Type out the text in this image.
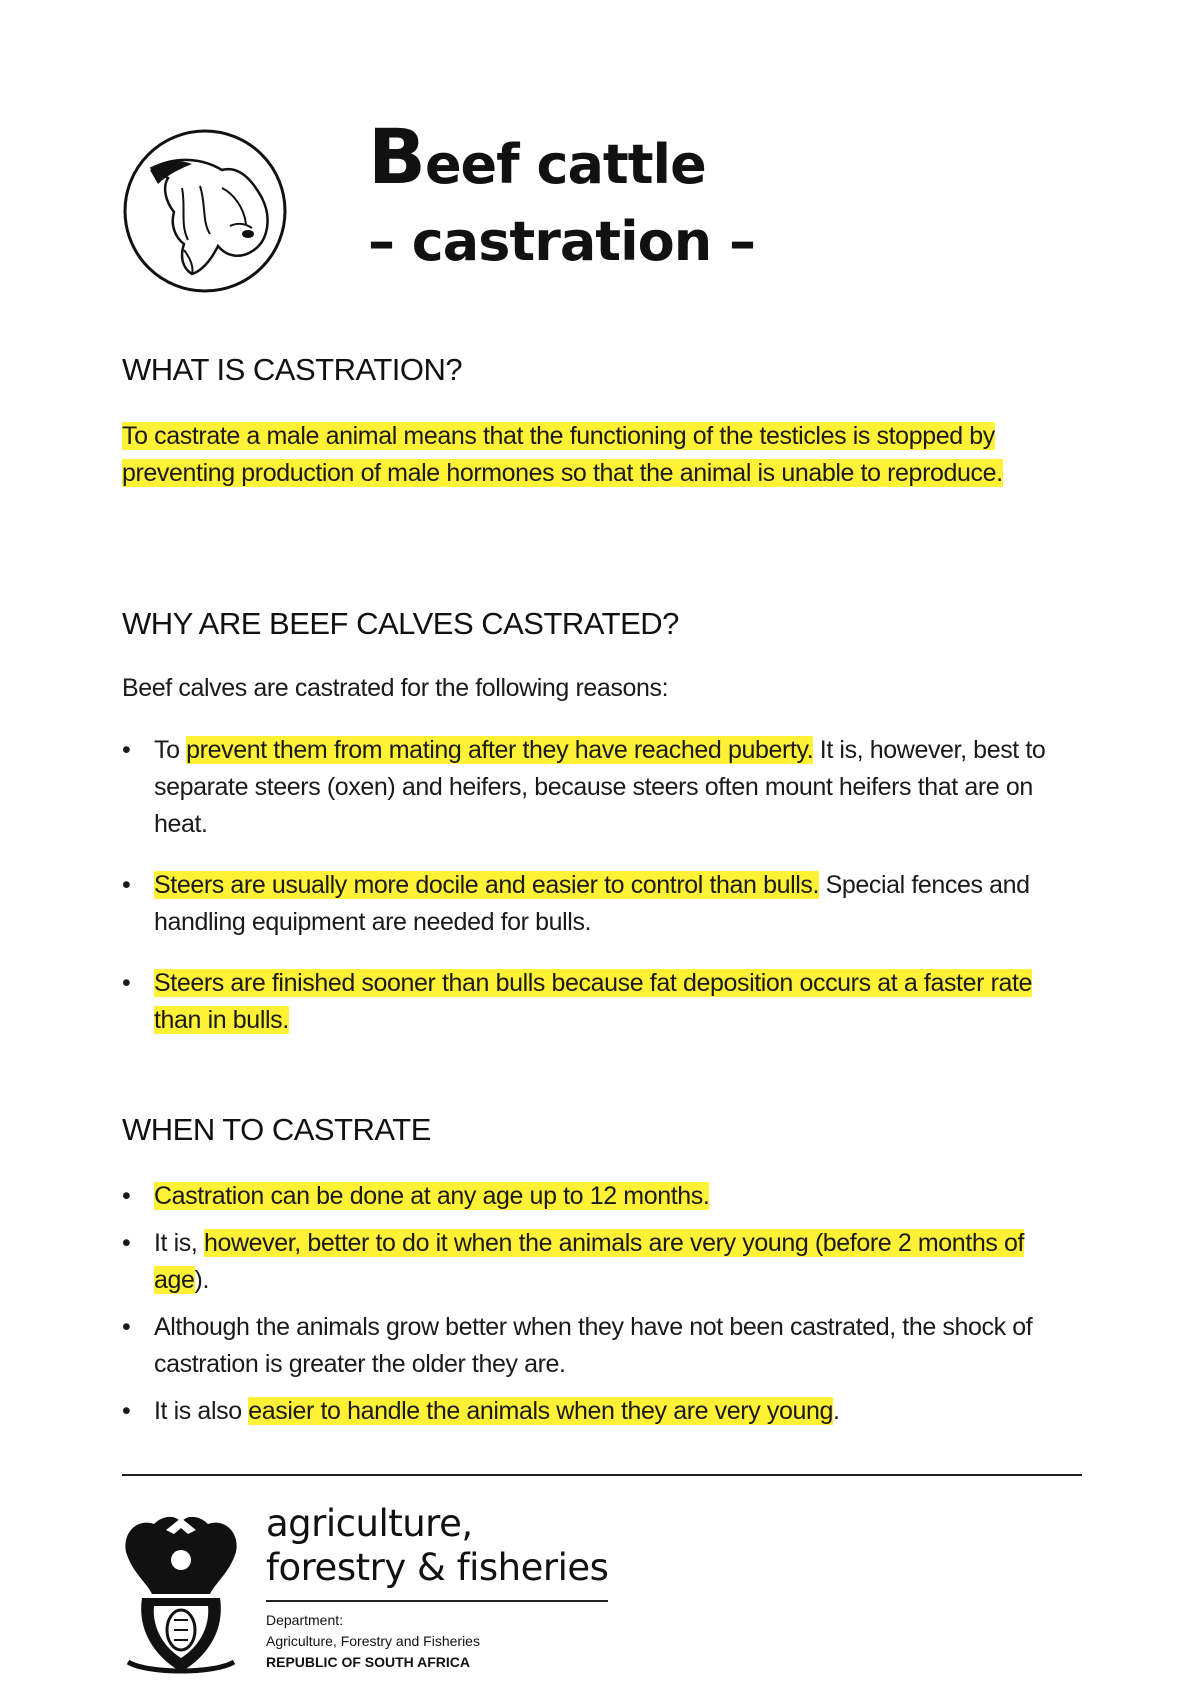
Beef cattle
– castration –
WHAT IS CASTRATION?
To castrate a male animal means that the functioning of the testicles is stopped by preventing production of male hormones so that the animal is unable to reproduce.
WHY ARE BEEF CALVES CASTRATED?
Beef calves are castrated for the following reasons:
• To prevent them from mating after they have reached puberty. It is, however, best to separate steers (oxen) and heifers, because steers often mount heifers that are on heat.
• Steers are usually more docile and easier to control than bulls. Special fences and handling equipment are needed for bulls.
• Steers are finished sooner than bulls because fat deposition occurs at a faster rate than in bulls.
WHEN TO CASTRATE
• Castration can be done at any age up to 12 months.
• It is, however, better to do it when the animals are very young (before 2 months of age).
• Although the animals grow better when they have not been castrated, the shock of castration is greater the older they are.
• It is also easier to handle the animals when they are very young.
agriculture,
forestry & fisheries
Department:
Agriculture, Forestry and Fisheries
REPUBLIC OF SOUTH AFRICA
